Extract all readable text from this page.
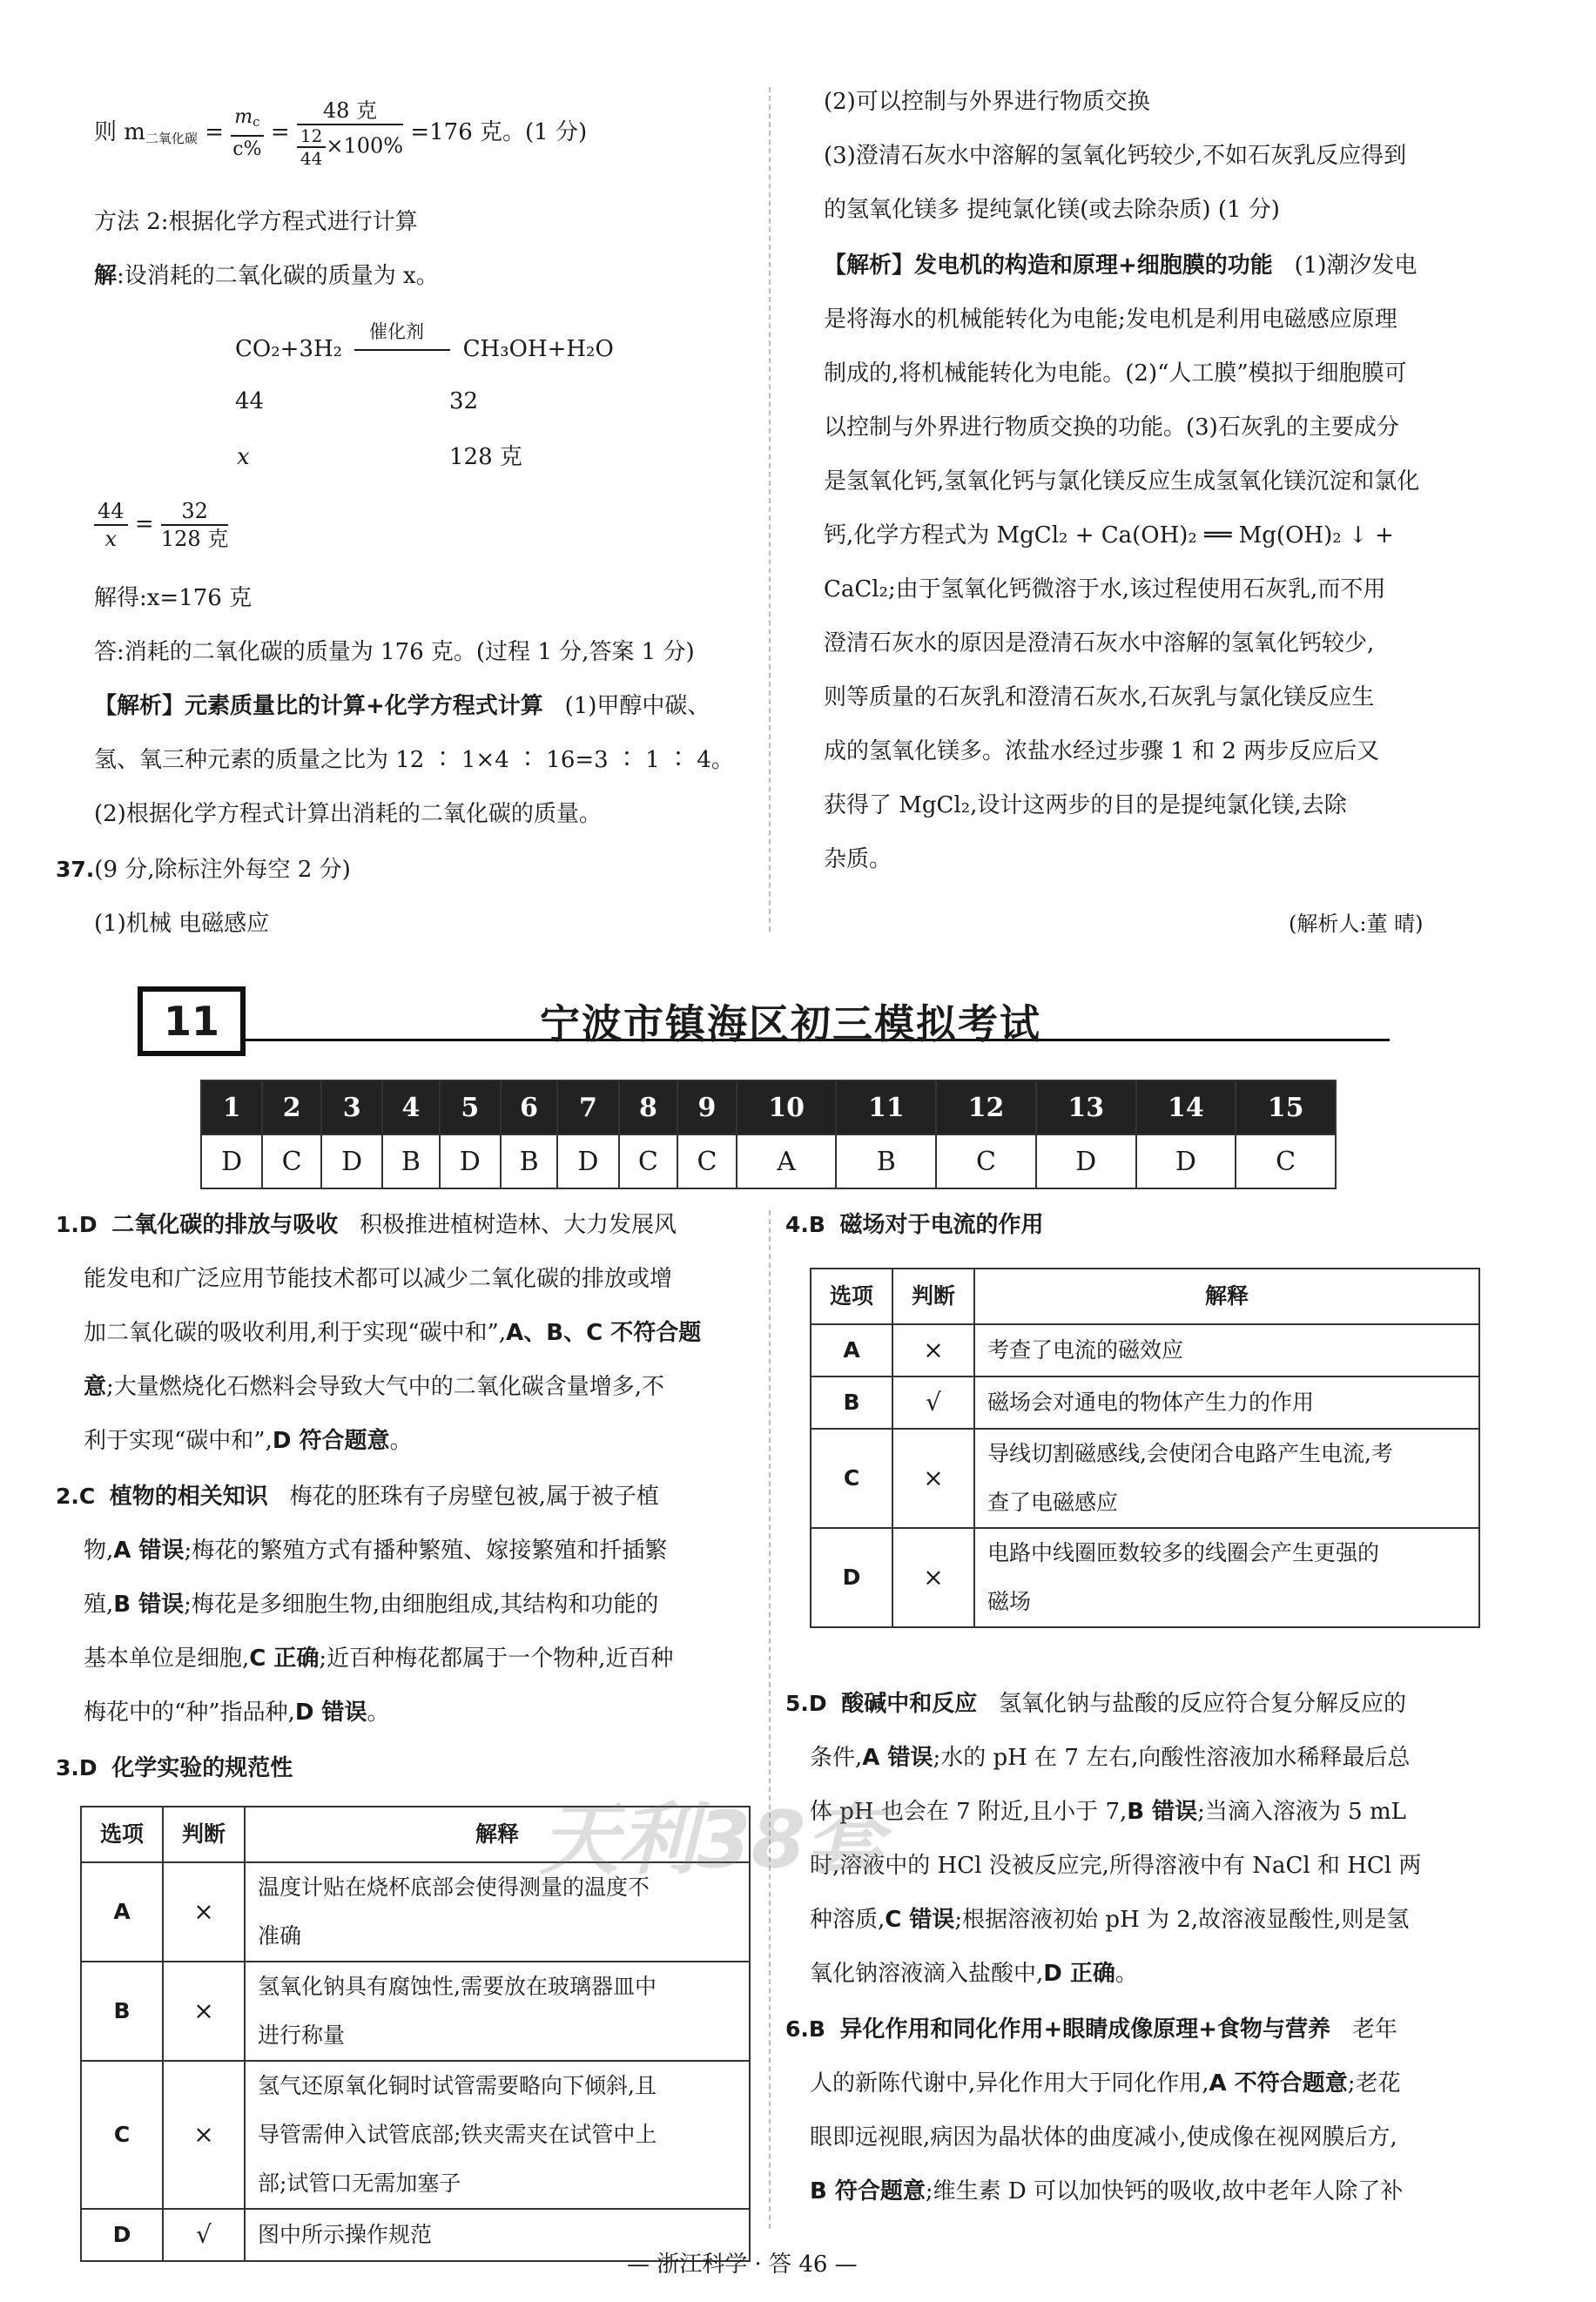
则 $m_{二氧化碳} = \frac{m_c}{c\%} = \frac{\text{48 克}}{\frac{12}{44} \times 100\%} =176$ 克。(1 分)
方法 2:根据化学方程式进行计算
解:设消耗的二氧化碳的质量为 x。
催化剂
CO₂+3H₂	CH₃OH+H₂O
44	32
x	128 克
$\frac{44}{x} = \frac{32}{\text{128 克}}$
解得:x=176 克
答:消耗的二氧化碳的质量为 176 克。(过程 1 分,答案 1 分)
【解析】元素质量比的计算+化学方程式计算 (1)甲醇中碳、
氢、氧三种元素的质量之比为 12 ∶ 1×4 ∶ 16=3 ∶ 1 ∶ 4。
(2)根据化学方程式计算出消耗的二氧化碳的质量。
37.(9 分,除标注外每空 2 分)
(1)机械 电磁感应
(2)可以控制与外界进行物质交换
(3)澄清石灰水中溶解的氢氧化钙较少,不如石灰乳反应得到
的氢氧化镁多 提纯氯化镁(或去除杂质) (1 分)
【解析】发电机的构造和原理+细胞膜的功能 (1)潮汐发电
是将海水的机械能转化为电能;发电机是利用电磁感应原理
制成的,将机械能转化为电能。(2)“人工膜”模拟于细胞膜可
以控制与外界进行物质交换的功能。(3)石灰乳的主要成分
是氢氧化钙,氢氧化钙与氯化镁反应生成氢氧化镁沉淀和氯化
钙,化学方程式为 MgCl₂ + Ca(OH)₂ ══ Mg(OH)₂ ↓ +
CaCl₂;由于氢氧化钙微溶于水,该过程使用石灰乳,而不用
澄清石灰水的原因是澄清石灰水中溶解的氢氧化钙较少,
则等质量的石灰乳和澄清石灰水,石灰乳与氯化镁反应生
成的氢氧化镁多。浓盐水经过步骤 1 和 2 两步反应后又
获得了 MgCl₂,设计这两步的目的是提纯氯化镁,去除
杂质。
(解析人:董 晴)
11	宁波市镇海区初三模拟考试
1	2	3	4	5	6	7	8	9	10	11	12	13	14	15
D	C	D	B	D	B	D	C	C	A	B	C	D	D	C
1.D 二氧化碳的排放与吸收 积极推进植树造林、大力发展风
能发电和广泛应用节能技术都可以减少二氧化碳的排放或增
加二氧化碳的吸收利用,利于实现“碳中和”,A、B、C 不符合题
意;大量燃烧化石燃料会导致大气中的二氧化碳含量增多,不
利于实现“碳中和”,D 符合题意。
2.C 植物的相关知识 梅花的胚珠有子房壁包被,属于被子植
物,A 错误;梅花的繁殖方式有播种繁殖、嫁接繁殖和扦插繁
殖,B 错误;梅花是多细胞生物,由细胞组成,其结构和功能的
基本单位是细胞,C 正确;近百种梅花都属于一个物种,近百种
梅花中的“种”指品种,D 错误。
3.D 化学实验的规范性
选项	判断	解释
A	×	温度计贴在烧杯底部会使得测量的温度不
准确
B	×	氢氧化钠具有腐蚀性,需要放在玻璃器皿中
进行称量
C	×	氢气还原氧化铜时试管需要略向下倾斜,且
导管需伸入试管底部;铁夹需夹在试管中上
部;试管口无需加塞子
D	√	图中所示操作规范
4.B 磁场对于电流的作用
选项	判断	解释
A	×	考查了电流的磁效应
B	√	磁场会对通电的物体产生力的作用
C	×	导线切割磁感线,会使闭合电路产生电流,考
查了电磁感应
D	×	电路中线圈匝数较多的线圈会产生更强的
磁场
5.D 酸碱中和反应 氢氧化钠与盐酸的反应符合复分解反应的
条件,A 错误;水的 pH 在 7 左右,向酸性溶液加水稀释最后总
体 pH 也会在 7 附近,且小于 7,B 错误;当滴入溶液为 5 mL
时,溶液中的 HCl 没被反应完,所得溶液中有 NaCl 和 HCl 两
种溶质,C 错误;根据溶液初始 pH 为 2,故溶液显酸性,则是氢
氧化钠溶液滴入盐酸中,D 正确。
6.B 异化作用和同化作用+眼睛成像原理+食物与营养 老年
人的新陈代谢中,异化作用大于同化作用,A 不符合题意;老花
眼即远视眼,病因为晶状体的曲度减小,使成像在视网膜后方,
B 符合题意;维生素 D 可以加快钙的吸收,故中老年人除了补
天利38套
— 浙江科学 · 答 46 —
